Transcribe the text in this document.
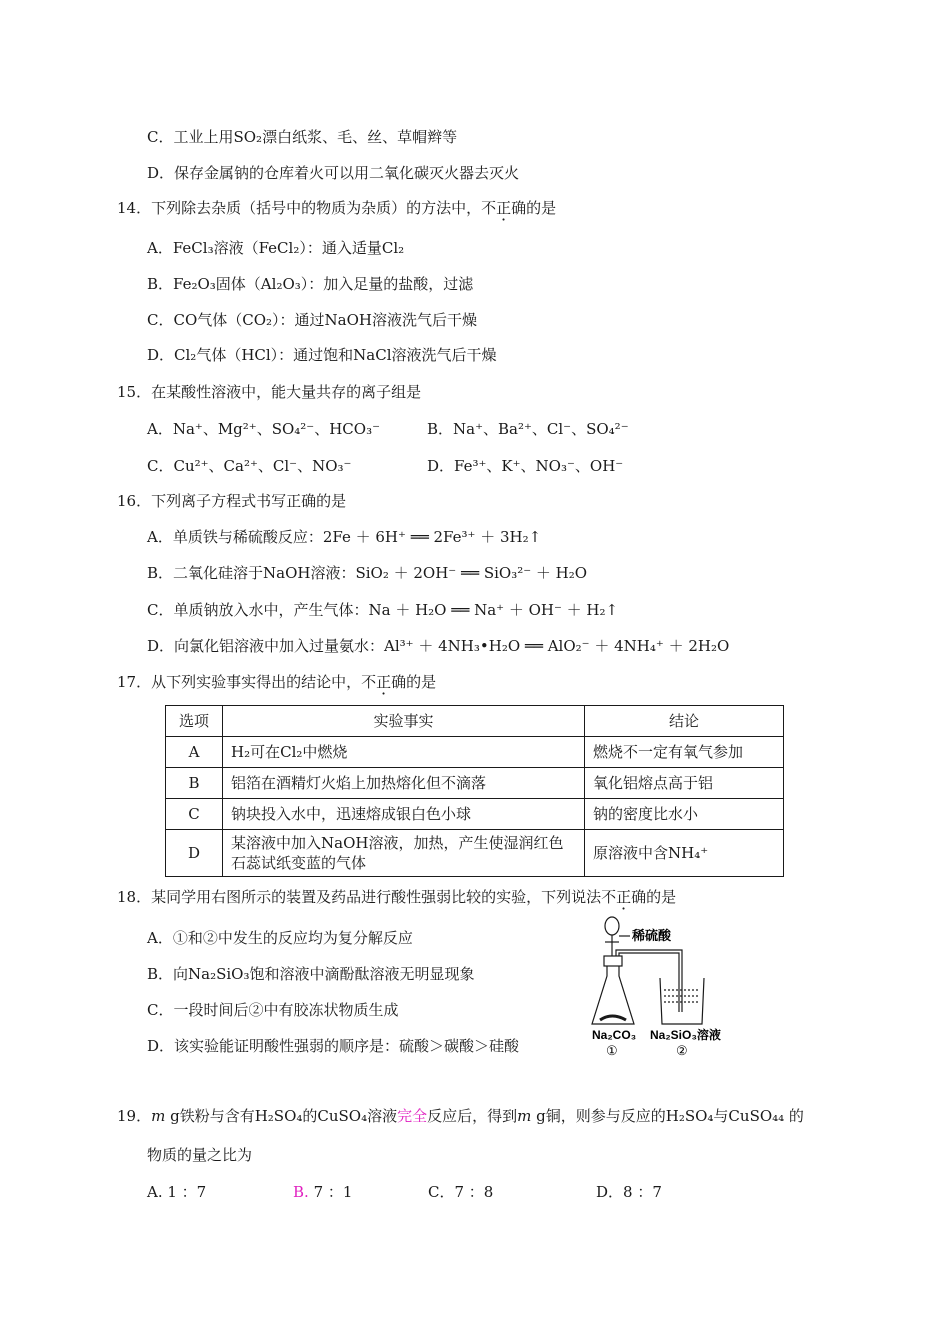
C．工业上用SO₂漂白纸浆、毛、丝、草帽辫等
D．保存金属钠的仓库着火可以用二氧化碳灭火器去灭火
14．下列除去杂质（括号中的物质为杂质）的方法中，不正确的是
A．FeCl₃溶液（FeCl₂）：通入适量Cl₂
B．Fe₂O₃固体（Al₂O₃）：加入足量的盐酸，过滤
C．CO气体（CO₂）：通过NaOH溶液洗气后干燥
D．Cl₂气体（HCl）：通过饱和NaCl溶液洗气后干燥
15．在某酸性溶液中，能大量共存的离子组是
A．Na⁺、Mg²⁺、SO₄²⁻、HCO₃⁻	B．Na⁺、Ba²⁺、Cl⁻、SO₄²⁻
C．Cu²⁺、Ca²⁺、Cl⁻、NO₃⁻	D．Fe³⁺、K⁺、NO₃⁻、OH⁻
16．下列离子方程式书写正确的是
A．单质铁与稀硫酸反应：2Fe ＋ 6H⁺ ══ 2Fe³⁺ ＋ 3H₂↑
B．二氧化硅溶于NaOH溶液：SiO₂ ＋ 2OH⁻ ══ SiO₃²⁻ ＋ H₂O
C．单质钠放入水中，产生气体：Na ＋ H₂O ══ Na⁺ ＋ OH⁻ ＋ H₂↑
D．向氯化铝溶液中加入过量氨水：Al³⁺ ＋ 4NH₃•H₂O ══ AlO₂⁻ ＋ 4NH₄⁺ ＋ 2H₂O
17．从下列实验事实得出的结论中，不正确的是
选项	实验事实	结论
A	H₂可在Cl₂中燃烧	燃烧不一定有氧气参加
B	铝箔在酒精灯火焰上加热熔化但不滴落	氧化铝熔点高于铝
C	钠块投入水中，迅速熔成银白色小球	钠的密度比水小
D	某溶液中加入NaOH溶液，加热，产生使湿润红色石蕊试纸变蓝的气体	原溶液中含NH₄⁺
18．某同学用右图所示的装置及药品进行酸性强弱比较的实验，下列说法不正确的是
A．①和②中发生的反应均为复分解反应
B．向Na₂SiO₃饱和溶液中滴酚酞溶液无明显现象
C．一段时间后②中有胶冻状物质生成
D．该实验能证明酸性强弱的顺序是：硫酸＞碳酸＞硅酸
稀硫酸
Na₂CO₃
①
Na₂SiO₃溶液
②
19．m g铁粉与含有H₂SO₄的CuSO₄溶液完全反应后，得到m g铜，则参与反应的H₂SO₄与CuSO₄₄ 的
物质的量之比为
A. 1 ：7	B. 7 ：1	C．7 ：8	D．8 ：7
